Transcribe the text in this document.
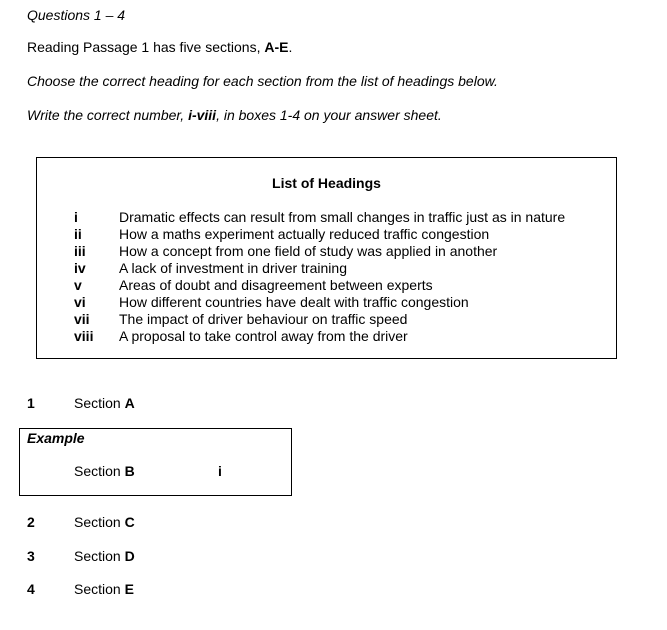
Questions 1 – 4
Reading Passage 1 has five sections, A-E.
Choose the correct heading for each section from the list of headings below.
Write the correct number, i-viii, in boxes 1-4 on your answer sheet.
List of Headings
i	Dramatic effects can result from small changes in traffic just as in nature
ii	How a maths experiment actually reduced traffic congestion
iii	How a concept from one field of study was applied in another
iv	A lack of investment in driver training
v	Areas of doubt and disagreement between experts
vi	How different countries have dealt with traffic congestion
vii	The impact of driver behaviour on traffic speed
viii	A proposal to take control away from the driver
1	Section A
Example
Section B	i
2	Section C
3	Section D
4	Section E
